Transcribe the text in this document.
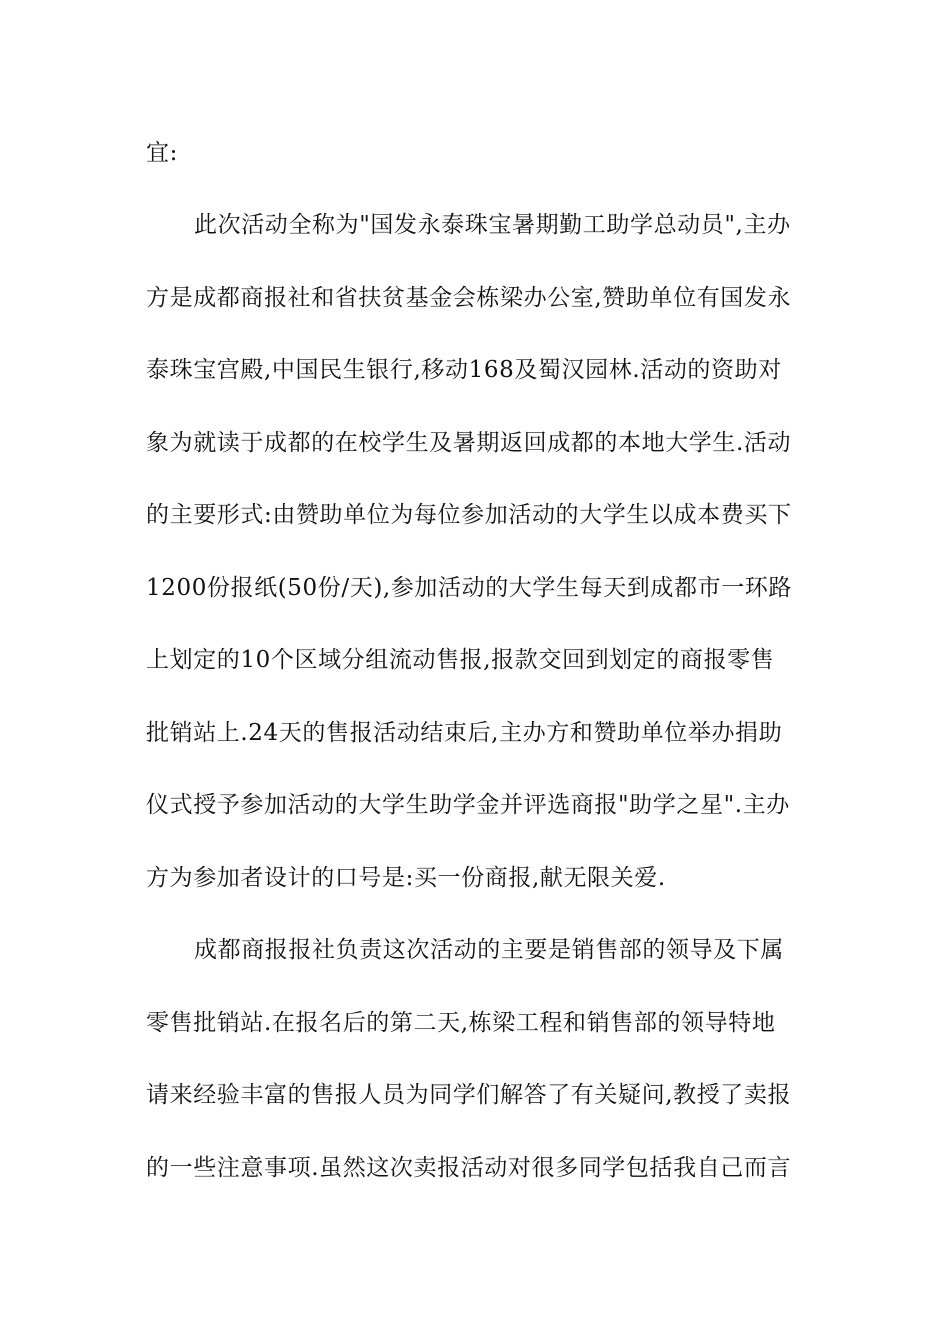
宜:
此次活动全称为"国发永泰珠宝暑期勤工助学总动员",主办
方是成都商报社和省扶贫基金会栋梁办公室,赞助单位有国发永
泰珠宝宫殿,中国民生银行,移动168及蜀汉园林.活动的资助对
象为就读于成都的在校学生及暑期返回成都的本地大学生.活动
的主要形式:由赞助单位为每位参加活动的大学生以成本费买下
1200份报纸(50份/天),参加活动的大学生每天到成都市一环路
上划定的10个区域分组流动售报,报款交回到划定的商报零售
批销站上.24天的售报活动结束后,主办方和赞助单位举办捐助
仪式授予参加活动的大学生助学金并评选商报"助学之星".主办
方为参加者设计的口号是:买一份商报,献无限关爱.
成都商报报社负责这次活动的主要是销售部的领导及下属
零售批销站.在报名后的第二天,栋梁工程和销售部的领导特地
请来经验丰富的售报人员为同学们解答了有关疑问,教授了卖报
的一些注意事项.虽然这次卖报活动对很多同学包括我自己而言
